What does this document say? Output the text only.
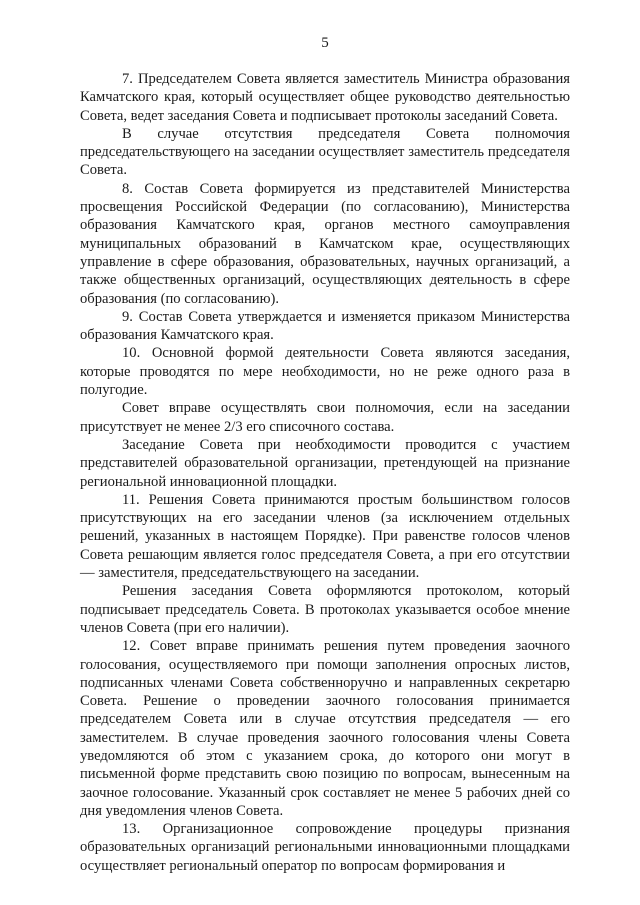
5

7. Председателем Совета является заместитель Министра образования Камчатского края, который осуществляет общее руководство деятельностью Совета, ведет заседания Совета и подписывает протоколы заседаний Совета.

В случае отсутствия председателя Совета полномочия председательствующего на заседании осуществляет заместитель председателя Совета.

8. Состав Совета формируется из представителей Министерства просвещения Российской Федерации (по согласованию), Министерства образования Камчатского края, органов местного самоуправления муниципальных образований в Камчатском крае, осуществляющих управление в сфере образования, образовательных, научных организаций, а также общественных организаций, осуществляющих деятельность в сфере образования (по согласованию).

9. Состав Совета утверждается и изменяется приказом Министерства образования Камчатского края.

10. Основной формой деятельности Совета являются заседания, которые проводятся по мере необходимости, но не реже одного раза в полугодие.

Совет вправе осуществлять свои полномочия, если на заседании присутствует не менее 2/3 его списочного состава.

Заседание Совета при необходимости проводится с участием представителей образовательной организации, претендующей на признание региональной инновационной площадки.

11. Решения Совета принимаются простым большинством голосов присутствующих на его заседании членов (за исключением отдельных решений, указанных в настоящем Порядке). При равенстве голосов членов Совета решающим является голос председателя Совета, а при его отсутствии — заместителя, председательствующего на заседании.

Решения заседания Совета оформляются протоколом, который подписывает председатель Совета. В протоколах указывается особое мнение членов Совета (при его наличии).

12. Совет вправе принимать решения путем проведения заочного голосования, осуществляемого при помощи заполнения опросных листов, подписанных членами Совета собственноручно и направленных секретарю Совета. Решение о проведении заочного голосования принимается председателем Совета или в случае отсутствия председателя — его заместителем. В случае проведения заочного голосования члены Совета уведомляются об этом с указанием срока, до которого они могут в письменной форме представить свою позицию по вопросам, вынесенным на заочное голосование. Указанный срок составляет не менее 5 рабочих дней со дня уведомления членов Совета.

13. Организационное сопровождение процедуры признания образовательных организаций региональными инновационными площадками осуществляет региональный оператор по вопросам формирования и
